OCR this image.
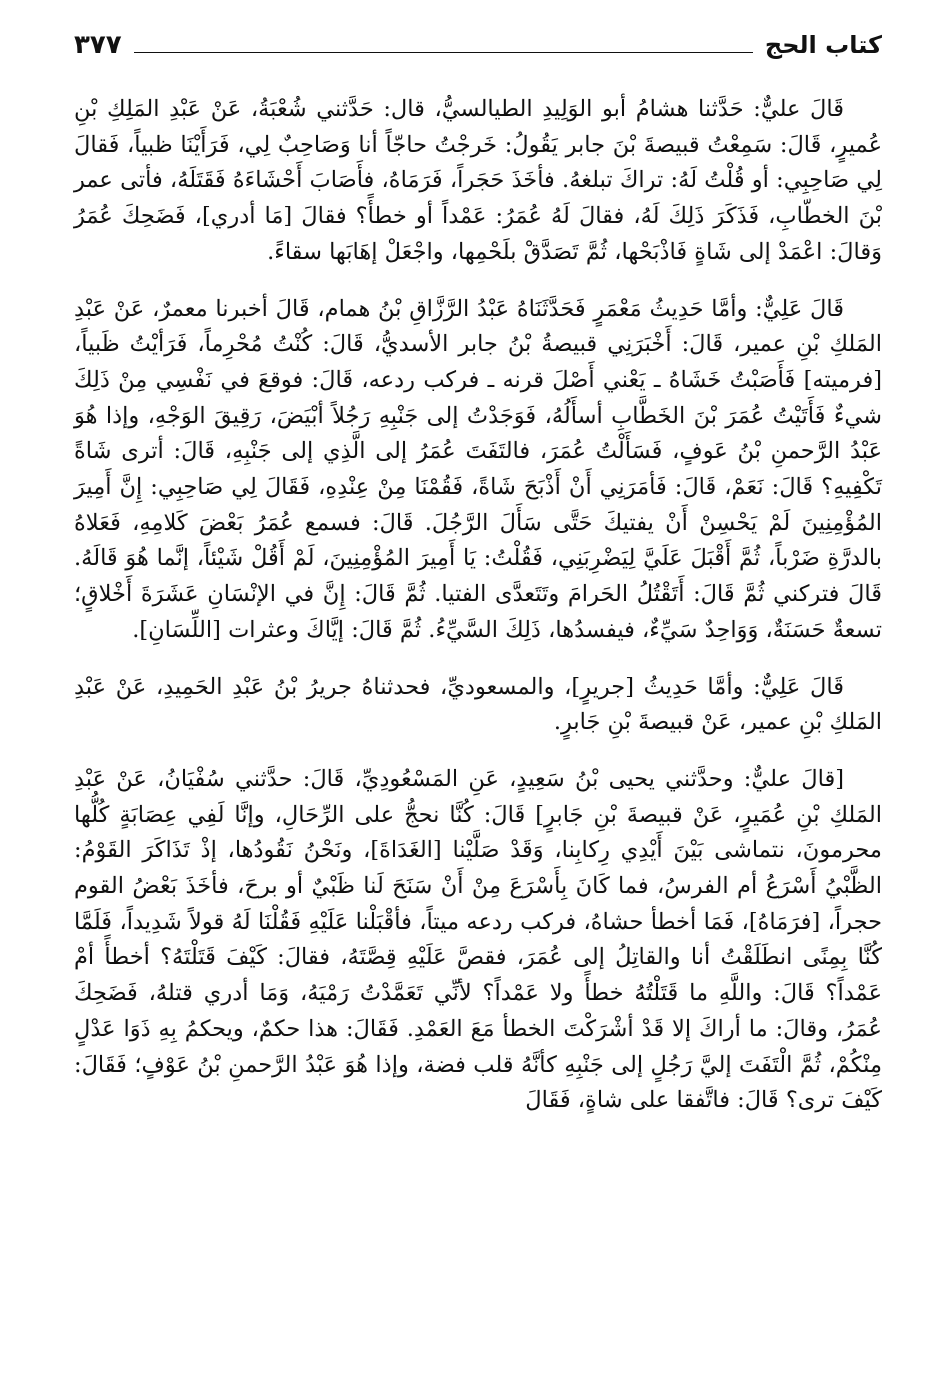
كتاب الحج
٣٧٧

قَالَ عليٌّ: حَدَّثنا هشامُ أبو الوَلِيدِ الطيالسيُّ، قال: حَدَّثني شُعْبَةُ، عَنْ عَبْدِ المَلِكِ بْنِ عُميرٍ، قَالَ: سَمِعْتُ قبيصةَ بْنَ جابر يَقُولُ: خَرجْتُ حاجّاً أنا وَصَاحِبٌ لِي، فَرَأَيْنَا ظبياً، فَقالَ لِي صَاحِبِي: أو قُلْتُ لَهُ: تراكَ تبلغهُ. فأخَذَ حَجَراً، فَرَمَاهُ، فأَصَابَ أَحْشَاءَهُ فَقَتَلَهُ، فأتى عمر بْنَ الخطّابِ، فَذَكَرَ ذَلِكَ لَهُ، فقالَ لَهُ عُمَرُ: عَمْداً أو خطأً؟ فقالَ [مَا أدري]، فَضَحِكَ عُمَرُ وَقالَ: اعْمَدْ إلى شَاةٍ فَاذْبَحْها، ثُمَّ تَصَدَّقْ بلَحْمِها، واجْعَلْ إهَابَها سقاءً.

قَالَ عَلِيٌّ: وأمَّا حَدِيثُ مَعْمَرٍ فَحَدَّثَنَاهُ عَبْدُ الرَّزَّاقِ بْنُ همام، قَالَ أخبرنا معمرٌ، عَنْ عَبْدِ المَلكِ بْنِ عمير، قَالَ: أَخْبَرَنِي قبيصةُ بْنُ جابر الأسديُّ، قَالَ: كُنْتُ مُحْرِماً، فَرَأيْتُ ظَبياً، [فرميته] فَأَصَبْتُ خَشَاهُ ـ يَعْني أَصْلَ قرنه ـ فركب ردعه، قَالَ: فوقعَ في نَفْسِي مِنْ ذَلِكَ شيءٌ فَأَتَيْتُ عُمَرَ بْنَ الخَطَّابِ أسأَلُهُ، فَوَجَدْتُ إلى جَنْبِهِ رَجُلاً أبْيَضَ، رَقِيقَ الوَجْهِ، وإذا هُوَ عَبْدُ الرَّحمنِ بْنُ عَوفٍ، فَسَأَلْتُ عُمَرَ، فالتَفَتَ عُمَرُ إلى الَّذِي إلى جَنْبِهِ، قَالَ: أترى شَاةً تَكْفِيهِ؟ قَالَ: نَعَمْ، قَالَ: فَأمَرَنِي أَنْ أَذْبَحَ شَاةً، فَقُمْنَا مِنْ عِنْدِهِ، فَقَالَ لِي صَاحِبِي: إِنَّ أَمِيرَ المُؤْمِنِينَ لَمْ يَحْسِنْ أَنْ يفتيكَ حَتَّى سَأَلَ الرَّجُلَ. قَالَ: فسمع عُمَرُ بَعْضَ كَلامِهِ، فَعَلاهُ بالدرَّةِ ضَرْباً، ثُمَّ أَقْبَلَ عَلَيَّ لِيَضْرِبَنِي، فَقُلْتُ: يَا أَمِيرَ المُؤْمِنِينَ، لَمْ أَقُلْ شَيْئاً، إنَّما هُوَ قَالَهُ. قَالَ فتركني ثُمَّ قَالَ: أَتَقْتُلُ الحَرامَ وتَتَعدَّى الفتيا. ثُمَّ قَالَ: إِنَّ في الإنْسَانِ عَشَرَةَ أَخْلاقٍ؛ تسعةٌ حَسَنَةٌ، وَوَاحِدٌ سَيِّءٌ، فيفسدُها، ذَلِكَ السَّيِّءُ. ثُمَّ قَالَ: إيَّاكَ وعثرات [اللِّسَانِ].

قَالَ عَلِيٌّ: وأمَّا حَدِيثُ [جريرٍ]، والمسعوديِّ، فحدثناهُ جريرُ بْنُ عَبْدِ الحَمِيدِ، عَنْ عَبْدِ المَلكِ بْنِ عمير، عَنْ قبيصةَ بْنِ جَابرٍ.

[قالَ عليٌّ: وحدَّثني يحيى بْنُ سَعِيدٍ، عَنِ المَسْعُودِيِّ، قَالَ: حدَّثني سُفْيَانُ، عَنْ عَبْدِ المَلكِ بْنِ عُمَيرٍ، عَنْ قبيصةَ بْنِ جَابرٍ] قَالَ: كُنَّا نحجُّ على الرِّحَالِ، وإنَّا لَفِي عِصَابَةٍ كُلُّها محرمونَ، نتماشى بَيْنَ أَيْدِي رِكابِنا، وَقَدْ صَلَّيْنا [الغَدَاةَ]، ونَحْنُ نَقُودُها، إذْ تَذَاكَرَ القَوْمُ: الظَّبْيُ أَسْرَعُ أم الفرسُ، فما كَانَ بِأَسْرَعَ مِنْ أَنْ سَنَحَ لَنا ظَبْيٌ أو برحَ، فأخَذَ بَعْضُ القوم حجراً، [فرَمَاهُ]، فَمَا أخطأ حشاهُ، فركب ردعه ميتاً، فأقْبَلْنا عَلَيْهِ فَقُلْنَا لَهُ قولاً شَدِيداً، فَلَمَّا كُنَّا بِمِنًى انطَلَقْتُ أنا والقاتِلُ إلى عُمَرَ، فقصَّ عَلَيْهِ قِصَّتَهُ، فقالَ: كَيْفَ قَتَلْتَهُ؟ أخطأً أمْ عَمْداً؟ قَالَ: واللَّهِ ما قَتَلْتُهُ خطأً ولا عَمْداً؟ لأنِّي تَعَمَّدْتُ رَمْيَهُ، وَمَا أدري قتلهُ، فَضَحِكَ عُمَرُ، وقالَ: ما أراكَ إلا قَدْ أشْرَكْتَ الخطأ مَعَ العَمْدِ. فَقَالَ: هذا حكمٌ، ويحكمُ بِهِ ذَوَا عَدْلٍ مِنْكُمْ، ثُمَّ الْتَفَتَ إليَّ رَجُلٍ إلى جَنْبِهِ كأنَّهُ قلب فضة، وإذا هُوَ عَبْدُ الرَّحمنِ بْنُ عَوْفٍ؛ فَقَالَ: كَيْفَ ترى؟ قَالَ: فاتَّفقا على شاةٍ، فَقَالَ
